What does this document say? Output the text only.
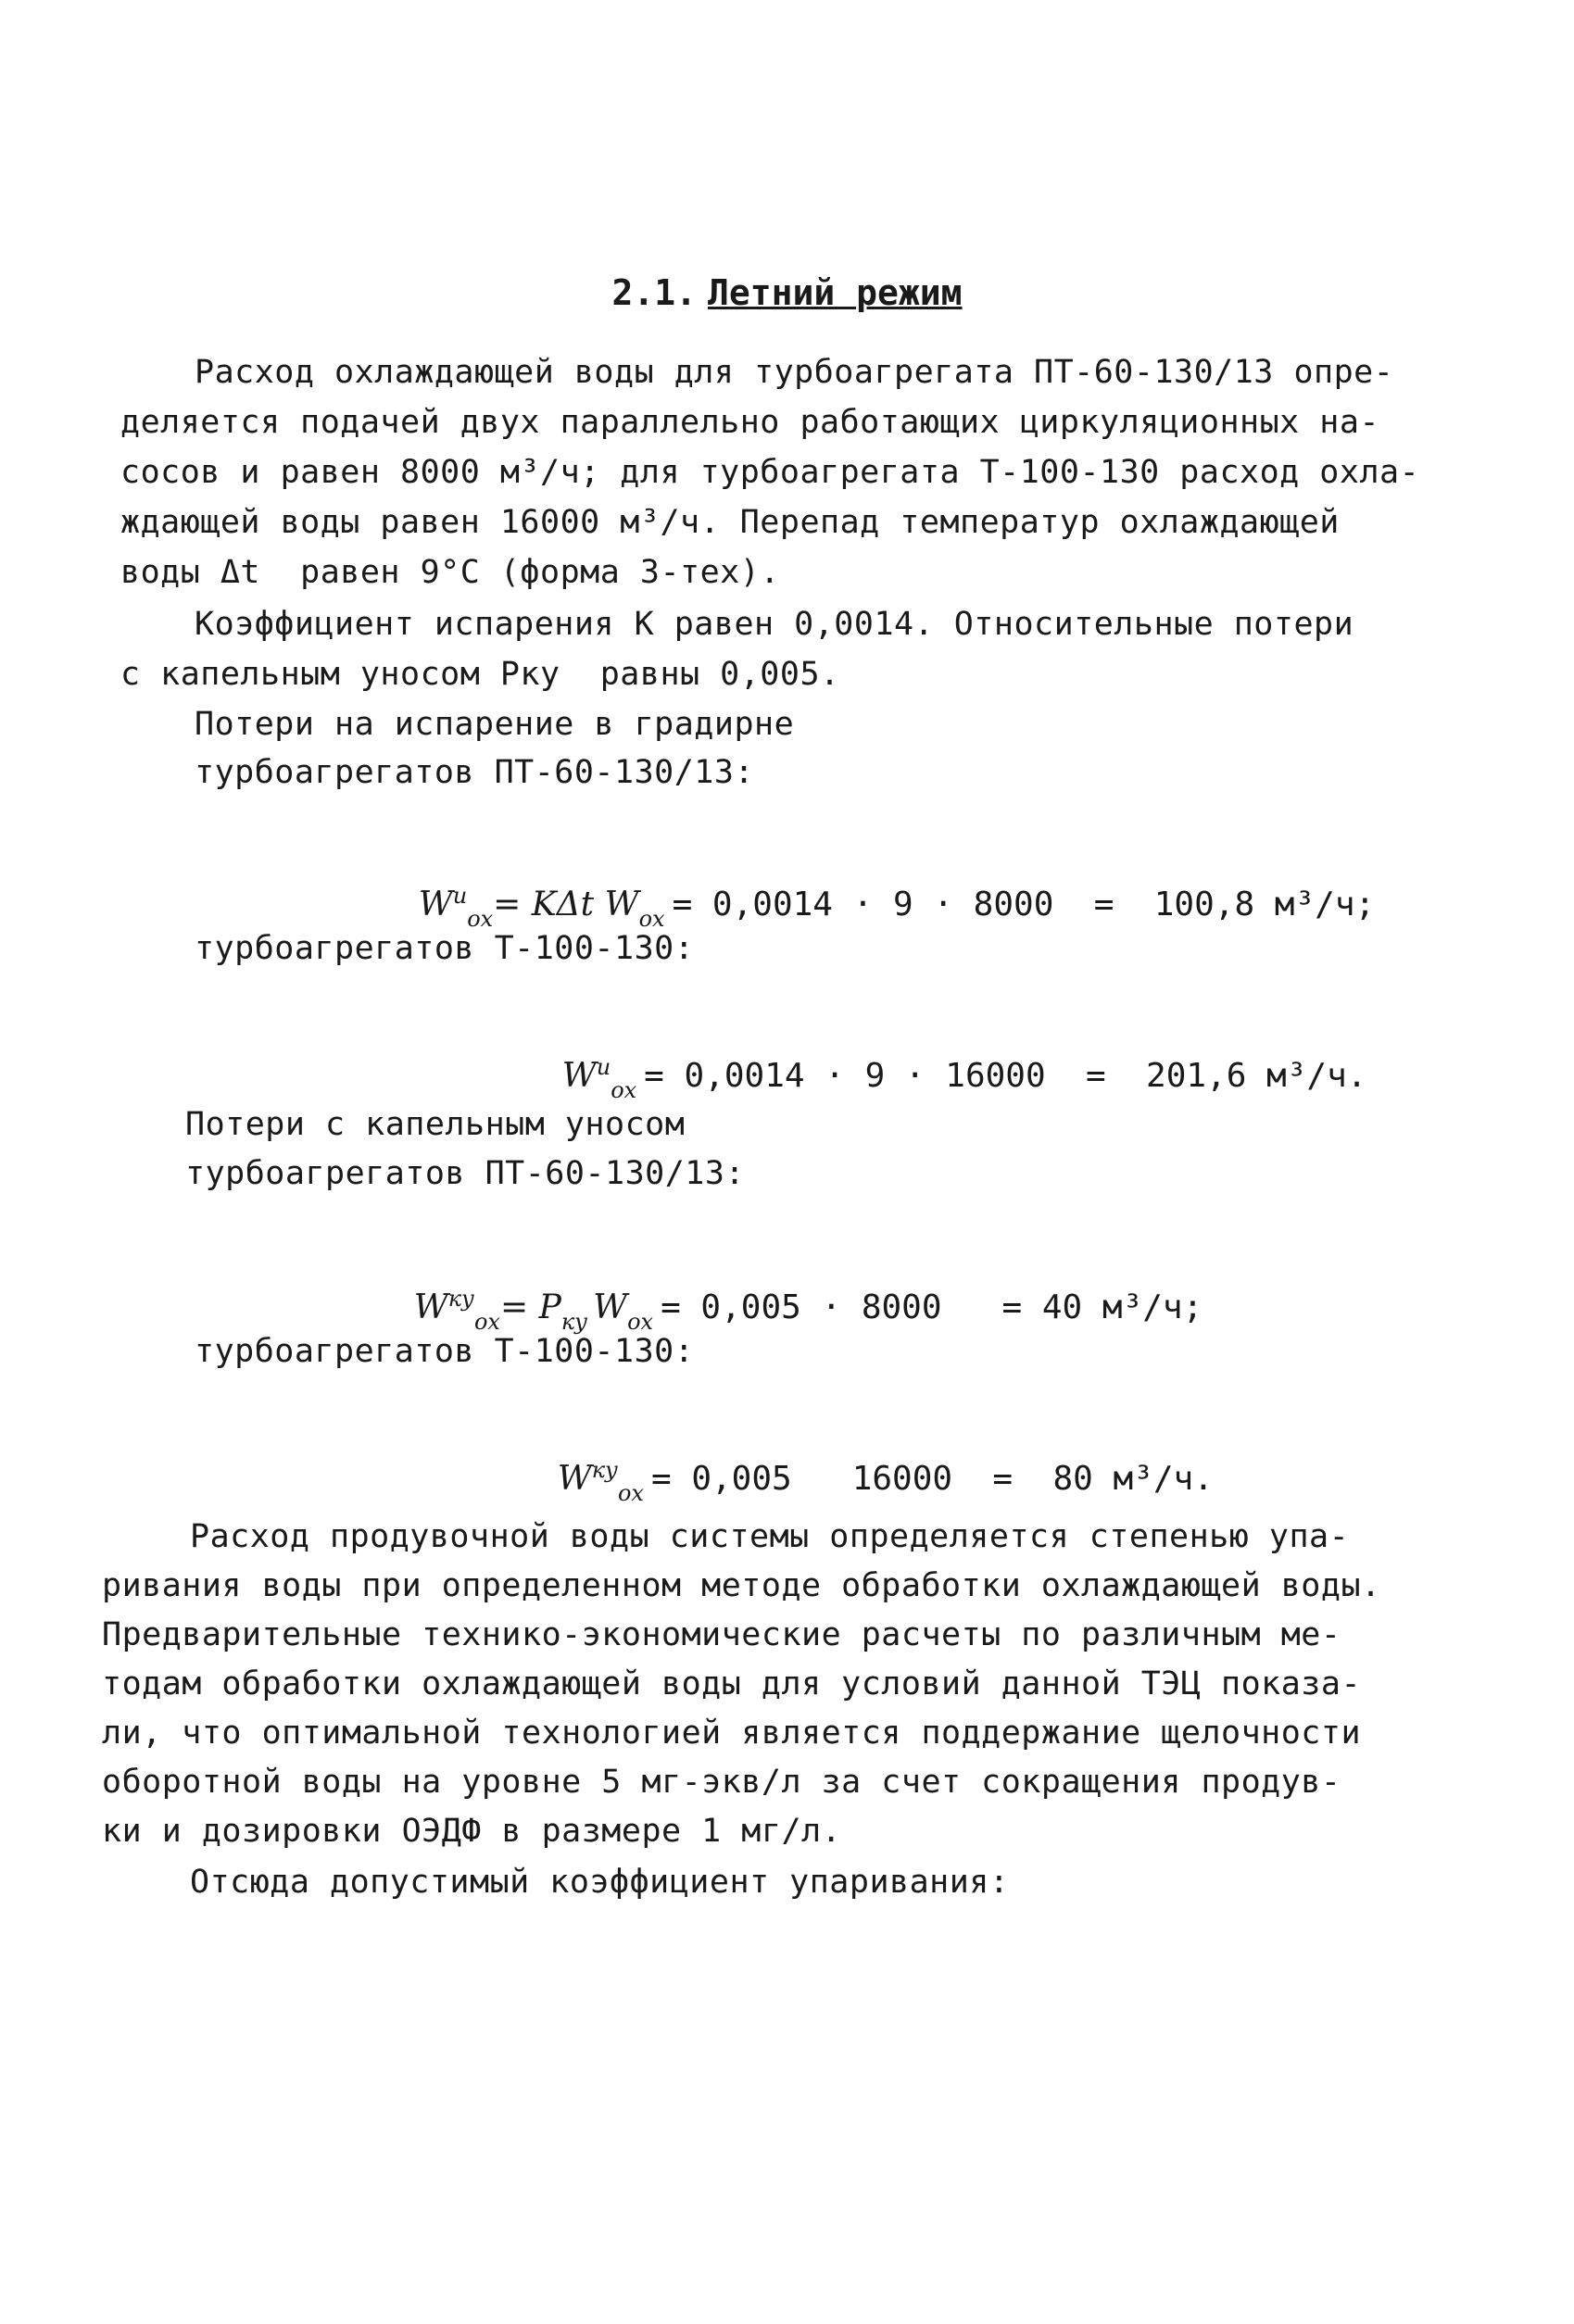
2.1. Летний режим
Расход охлаждающей воды для турбоагрегата ПТ-60-130/13 опре-
деляется подачей двух параллельно работающих циркуляционных на-
сосов и равен 8000 м³/ч; для турбоагрегата Т-100-130 расход охла-
ждающей воды равен 16000 м³/ч. Перепад температур охлаждающей
воды Δt  равен 9°С (форма 3-тех).
Коэффициент испарения К равен 0,0014. Относительные потери
с капельным уносом Pку  равны 0,005.
Потери на испарение в градирне
турбоагрегатов ПТ-60-130/13:

$W^и_{ох}= K\Delta t$ $W_{ох} = 0,0014 \cdot 9 \cdot 8000 = 100,8$ м³/ч;

турбоагрегатов Т-100-130:

$W^и_{ох} = 0,0014 \cdot 9 \cdot 16000 = 201,6$ м³/ч.

Потери с капельным уносом
турбоагрегатов ПТ-60-130/13:

$W^{ку}_{ох}= P_{ку}$ $W_{ох} = 0,005 \cdot 8000 = 40$ м³/ч;

турбоагрегатов Т-100-130:

$W^{ку}_{ох} = 0,005$   16000  =  80 м³/ч.

Расход продувочной воды системы определяется степенью упа-
ривания воды при определенном методе обработки охлаждающей воды.
Предварительные технико-экономические расчеты по различным ме-
тодам обработки охлаждающей воды для условий данной ТЭЦ показа-
ли, что оптимальной технологией является поддержание щелочности
оборотной воды на уровне 5 мг-экв/л за счет сокращения продув-
ки и дозировки ОЭДФ в размере 1 мг/л.
Отсюда допустимый коэффициент упаривания:
